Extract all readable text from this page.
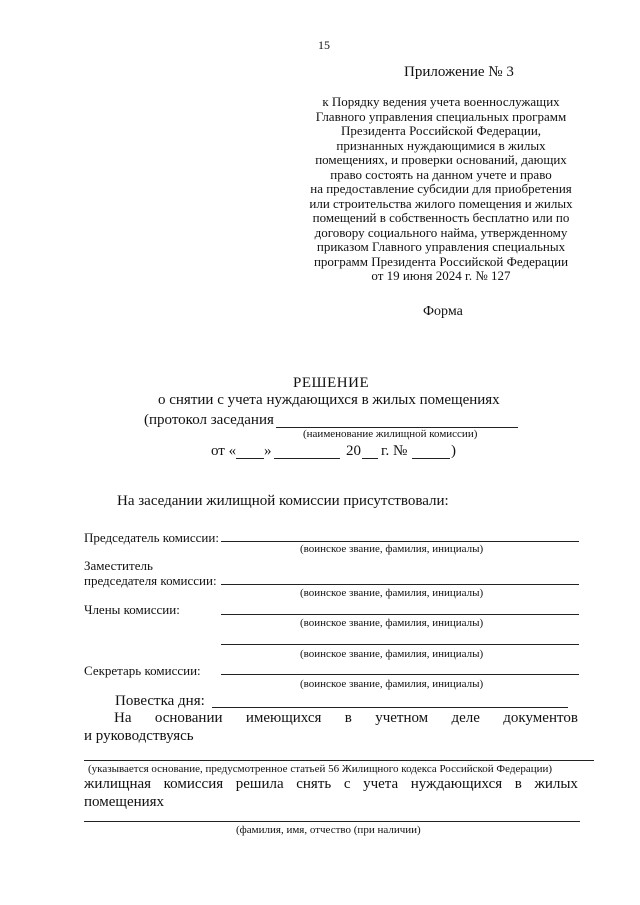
15
Приложение № 3
к Порядку ведения учета военнослужащих
Главного управления специальных программ
Президента Российской Федерации,
признанных нуждающимися в жилых
помещениях, и проверки оснований, дающих
право состоять на данном учете и право
на предоставление субсидии для приобретения
или строительства жилого помещения и жилых
помещений в собственность бесплатно или по
договору социального найма, утвержденному
приказом Главного управления специальных
программ Президента Российской Федерации
от 19 июня 2024 г. № 127
Форма
РЕШЕНИЕ
о снятии с учета нуждающихся в жилых помещениях
(протокол заседания
(наименование жилищной комиссии)
от « »	20 г. №	)
На заседании жилищной комиссии присутствовали:
Председатель комиссии:
(воинское звание, фамилия, инициалы)
Заместитель
председателя комиссии:
(воинское звание, фамилия, инициалы)
Члены комиссии:
(воинское звание, фамилия, инициалы)
(воинское звание, фамилия, инициалы)
Секретарь комиссии:
(воинское звание, фамилия, инициалы)
Повестка дня:
На основании имеющихся в учетном деле документов
и руководствуясь
(указывается основание, предусмотренное статьей 56 Жилищного кодекса Российской Федерации)
жилищная комиссия решила снять с учета нуждающихся в жилых
помещениях
(фамилия, имя, отчество (при наличии)
